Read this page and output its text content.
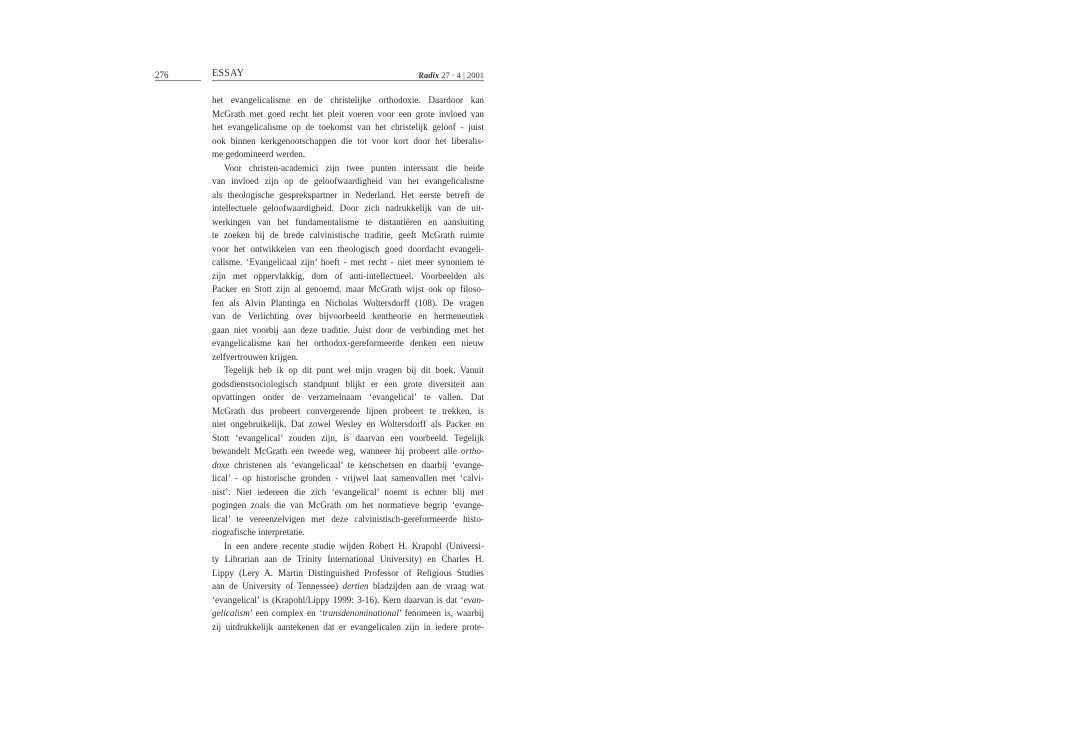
276	ESSAY	Radix 27 · 4 | 2001
het evangelicalisme en de christelijke orthodoxie. Daardoor kan
McGrath met goed recht het pleit voeren voor een grote invloed van
het evangelicalisme op de toekomst van het christelijk geloof - juist
ook binnen kerkgenootschappen die tot voor kort door het liberalis-
me gedomineerd werden.
Voor christen-academici zijn twee punten interssant die beide
van invloed zijn op de geloofwaardigheid van het evangelicalisme
als theologische gesprekspartner in Nederland. Het eerste betreft de
intellectuele geloofwaardigheid. Door zich nadrukkelijk van de uit-
werkingen van het fundamentalisme te distantiëren en aansluiting
te zoeken bij de brede calvinistische traditie, geeft McGrath ruimte
voor het ontwikkelen van een theologisch goed doordacht evangeli-
calisme. ‘Evangelicaal zijn’ hoeft - met recht - niet meer synoniem te
zijn met oppervlakkig, dom of anti-intellectueel. Voorbeelden als
Packer en Stott zijn al genoemd, maar McGrath wijst ook op filoso-
fen als Alvin Plantinga en Nicholas Woltersdorff (108). De vragen
van de Verlichting over bijvoorbeeld kentheorie en hermeneutiek
gaan niet voorbij aan deze traditie. Juist door de verbinding met het
evangelicalisme kan het orthodox-gereformeerde denken een nieuw
zelfvertrouwen krijgen.
Tegelijk heb ik op dit punt wel mijn vragen bij dit boek. Vanuit
godsdienstsociologisch standpunt blijkt er een grote diversiteit aan
opvattingen onder de verzamelnaam ‘evangelical’ te vallen. Dat
McGrath dus probeert convergerende lijnen probeert te trekken, is
niet ongebruikelijk. Dat zowel Wesley en Woltersdorff als Packer en
Stott ‘evangelical’ zouden zijn, is daarvan een voorbeeld. Tegelijk
bewandelt McGrath een tweede weg, wanneer hij probeert alle ortho-
doxe christenen als ‘evangelicaal’ te kenschetsen en daarbij ‘evange-
lical’ - op historische gronden - vrijwel laat samenvallen met ‘calvi-
nist’. Niet iedereen die zich ‘evangelical’ noemt is echter blij met
pogingen zoals die van McGrath om het normatieve begrip ‘evange-
lical’ te vereenzelvigen met deze calvinistisch-gereformeerde histo-
riografische interpretatie.
In een andere recente studie wijden Robert H. Krapohl (Universi-
ty Librarian aan de Trinity International University) en Charles H.
Lippy (Lery A. Martin Distinguished Professor of Religious Studies
aan de University of Tennessee) dertien bladzijden aan de vraag wat
‘evangelical’ is (Krapohl/Lippy 1999: 3-16). Kern daarvan is dat ‘evan-
gelicalism’ een complex en ‘transdenominational’ fenomeen is, waarbij
zij uitdrukkelijk aantekenen dat er evangelicalen zijn in iedere prote-
